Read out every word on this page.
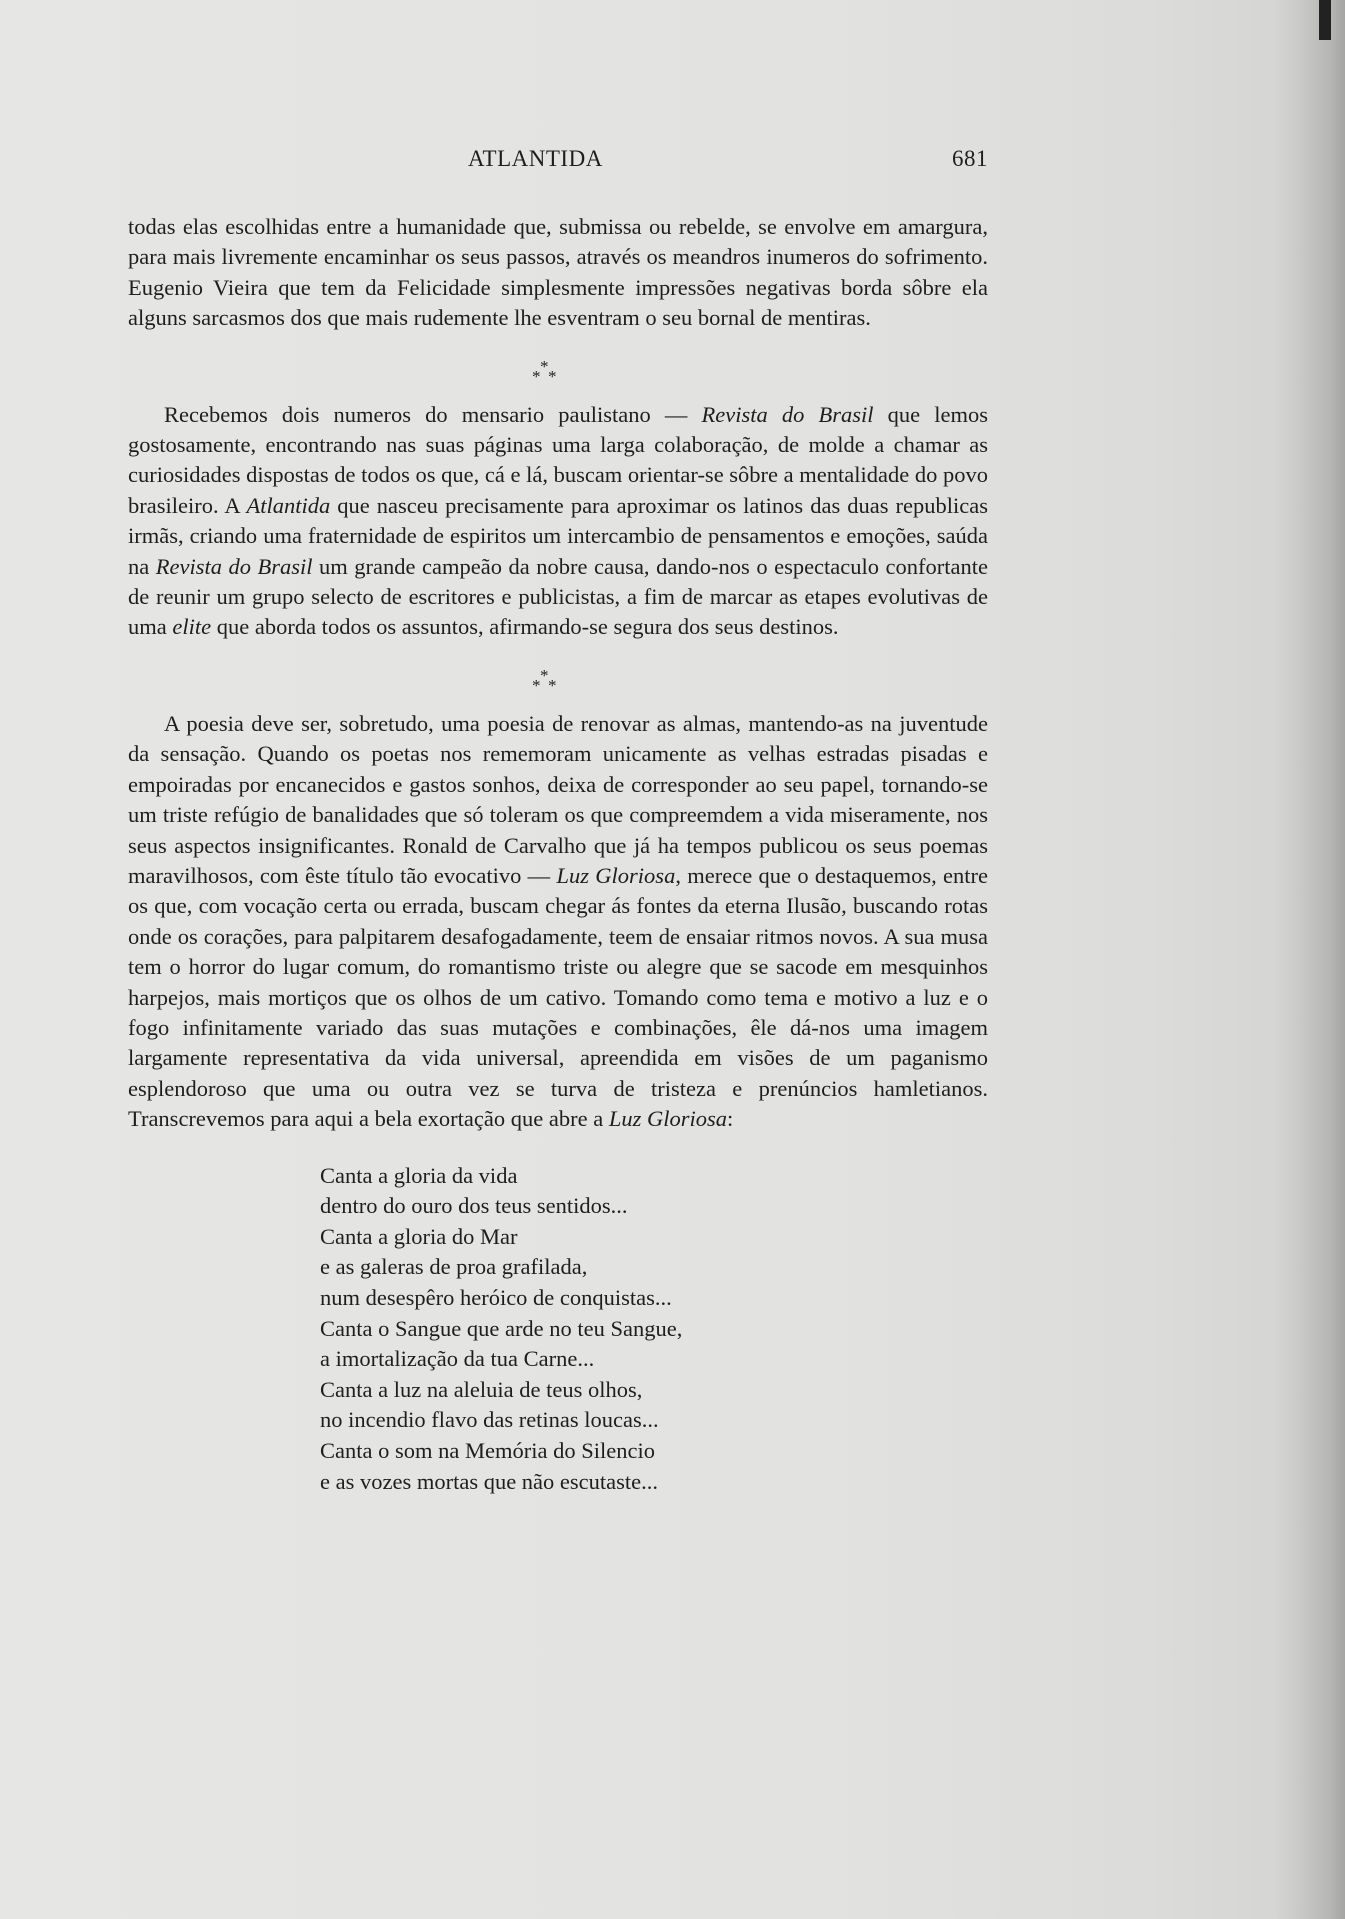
ATLANTIDA	681

todas elas escolhidas entre a humanidade que, submissa ou rebelde, se envolve em amargura, para mais livremente encaminhar os seus passos, através os meandros inumeros do sofrimento. Eugenio Vieira que tem da Felicidade simplesmente impressões negativas borda sôbre ela alguns sarcasmos dos que mais rudemente lhe esventram o seu bornal de mentiras.

*
* *

Recebemos dois numeros do mensario paulistano — Revista do Brasil que lemos gostosamente, encontrando nas suas páginas uma larga colaboração, de molde a chamar as curiosidades dispostas de todos os que, cá e lá, buscam orientar-se sôbre a mentalidade do povo brasileiro. A Atlantida que nasceu precisamente para aproximar os latinos das duas republicas irmãs, criando uma fraternidade de espiritos um intercambio de pensamentos e emoções, saúda na Revista do Brasil um grande campeão da nobre causa, dando-nos o espectaculo confortante de reunir um grupo selecto de escritores e publicistas, a fim de marcar as etapes evolutivas de uma elite que aborda todos os assuntos, afirmando-se segura dos seus destinos.

*
* *

A poesia deve ser, sobretudo, uma poesia de renovar as almas, mantendo-as na juventude da sensação. Quando os poetas nos rememoram unicamente as velhas estradas pisadas e empoiradas por encanecidos e gastos sonhos, deixa de corresponder ao seu papel, tornando-se um triste refúgio de banalidades que só toleram os que compreemdem a vida miseramente, nos seus aspectos insignificantes. Ronald de Carvalho que já ha tempos publicou os seus poemas maravilhosos, com êste título tão evocativo — Luz Gloriosa, merece que o destaquemos, entre os que, com vocação certa ou errada, buscam chegar ás fontes da eterna Ilusão, buscando rotas onde os corações, para palpitarem desafogadamente, teem de ensaiar ritmos novos. A sua musa tem o horror do lugar comum, do romantismo triste ou alegre que se sacode em mesquinhos harpejos, mais mortiços que os olhos de um cativo. Tomando como tema e motivo a luz e o fogo infinitamente variado das suas mutações e combinações, êle dá-nos uma imagem largamente representativa da vida universal, apreendida em visões de um paganismo esplendoroso que uma ou outra vez se turva de tristeza e prenúncios hamletianos. Transcrevemos para aqui a bela exortação que abre a Luz Gloriosa:

Canta a gloria da vida
dentro do ouro dos teus sentidos...
Canta a gloria do Mar
e as galeras de proa grafilada,
num desespêro heróico de conquistas...
Canta o Sangue que arde no teu Sangue,
a imortalização da tua Carne...
Canta a luz na aleluia de teus olhos,
no incendio flavo das retinas loucas...
Canta o som na Memória do Silencio
e as vozes mortas que não escutaste...
